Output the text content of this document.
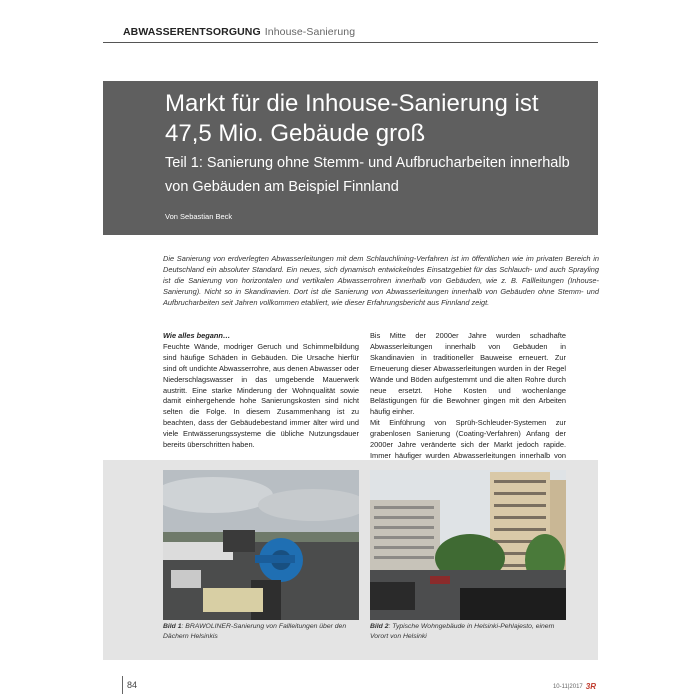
ABWASSERENTSORGUNG Inhouse-Sanierung
Markt für die Inhouse-Sanierung ist
47,5 Mio. Gebäude groß
Teil 1: Sanierung ohne Stemm- und Aufbrucharbeiten innerhalb von Gebäuden am Beispiel Finnland
Von Sebastian Beck
Die Sanierung von erdverlegten Abwasserleitungen mit dem Schlauchlining-Verfahren ist im öffentlichen wie im privaten Bereich in Deutschland ein absoluter Standard. Ein neues, sich dynamisch entwickelndes Einsatzgebiet für das Schlauch- und auch Sprayling ist die Sanierung von horizontalen und vertikalen Abwasserrohren innerhalb von Gebäuden, wie z. B. Fallleitungen (Inhouse-Sanierung). Nicht so in Skandinavien. Dort ist die Sanierung von Abwasserleitungen innerhalb von Gebäuden ohne Stemm- und Aufbrucharbeiten seit Jahren vollkommen etabliert, wie dieser Erfahrungsbericht aus Finnland zeigt.
Wie alles begann…

Feuchte Wände, modriger Geruch und Schimmelbildung sind häufige Schäden in Gebäuden. Die Ursache hierfür sind oft undichte Abwasserrohre, aus denen Abwasser oder Niederschlagswasser in das umgebende Mauerwerk austritt. Eine starke Minderung der Wohnqualität sowie damit einhergehende hohe Sanierungskosten sind nicht selten die Folge. In diesem Zusammenhang ist zu beachten, dass der Gebäudebestand immer älter wird und viele Entwässerungssysteme die übliche Nutzungsdauer bereits überschritten haben.

Bis Mitte der 2000er Jahre wurden schadhafte Abwasserleitungen innerhalb von Gebäuden in Skandinavien in traditioneller Bauweise erneuert. Zur Erneuerung dieser Abwasserleitungen wurden in der Regel Wände und Böden aufgestemmt und die alten Rohre durch neue ersetzt. Hohe Kosten und wochenlange Belästigungen für die Bewohner gingen mit den Arbeiten häufig einher.

Mit Einführung von Sprüh-Schleuder-Systemen zur grabenlosen Sanierung (Coating-Verfahren) Anfang der 2000er Jahre veränderte sich der Markt jedoch rapide. Immer häufiger wurden Abwasserleitungen innerhalb von

Bild 1: BRAWOLINER-Sanierung von Fallleitungen über den Dächern Helsinkis
Bild 2: Typische Wohngebäude in Helsinki-Pehlajesto, einem Vorort von Helsinki
84	10-11|2017 3R
